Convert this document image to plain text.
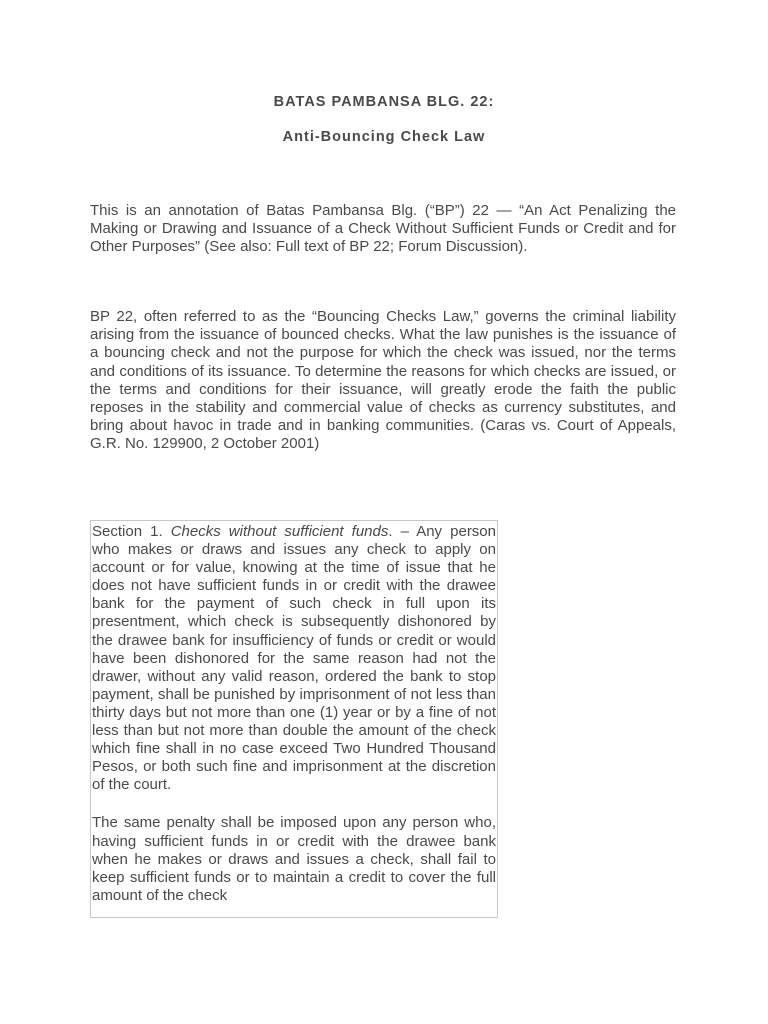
BATAS PAMBANSA BLG. 22:
Anti-Bouncing Check Law
This is an annotation of Batas Pambansa Blg. (“BP”) 22 — “An Act Penalizing the Making or Drawing and Issuance of a Check Without Sufficient Funds or Credit and for Other Purposes” (See also: Full text of BP 22; Forum Discussion).
BP 22, often referred to as the “Bouncing Checks Law,” governs the criminal liability arising from the issuance of bounced checks. What the law punishes is the issuance of a bouncing check and not the purpose for which the check was issued, nor the terms and conditions of its issuance. To determine the reasons for which checks are issued, or the terms and conditions for their issuance, will greatly erode the faith the public reposes in the stability and commercial value of checks as currency substitutes, and bring about havoc in trade and in banking communities. (Caras vs. Court of Appeals, G.R. No. 129900, 2 October 2001)

Section 1. Checks without sufficient funds. – Any person who makes or draws and issues any check to apply on account or for value, knowing at the time of issue that he does not have sufficient funds in or credit with the drawee bank for the payment of such check in full upon its presentment, which check is subsequently dishonored by the drawee bank for insufficiency of funds or credit or would have been dishonored for the same reason had not the drawer, without any valid reason, ordered the bank to stop payment, shall be punished by imprisonment of not less than thirty days but not more than one (1) year or by a fine of not less than but not more than double the amount of the check which fine shall in no case exceed Two Hundred Thousand Pesos, or both such fine and imprisonment at the discretion of the court.

The same penalty shall be imposed upon any person who, having sufficient funds in or credit with the drawee bank when he makes or draws and issues a check, shall fail to keep sufficient funds or to maintain a credit to cover the full amount of the check
